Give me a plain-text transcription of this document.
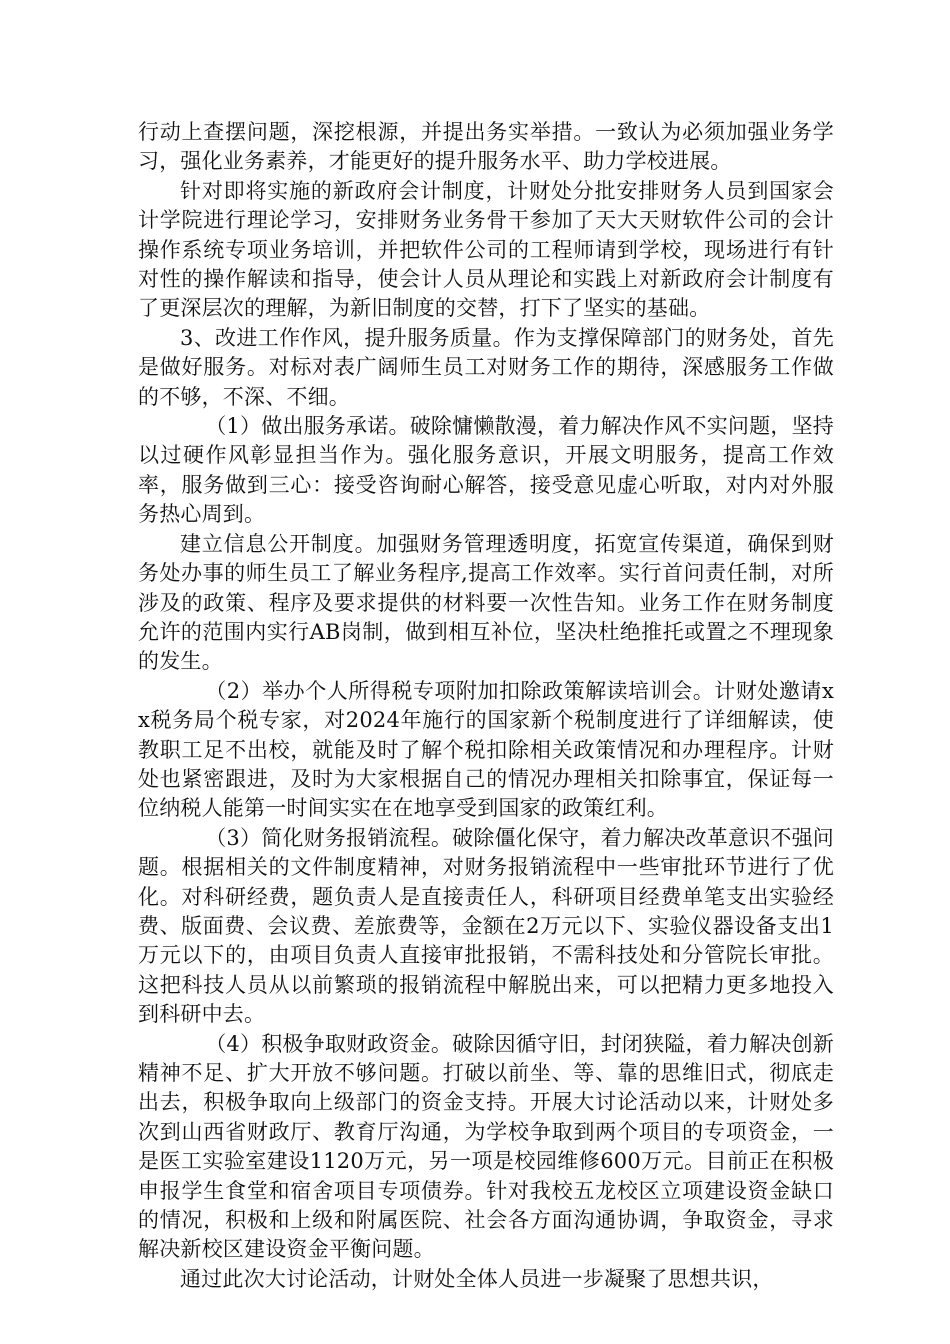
行动上查摆问题，深挖根源，并提出务实举措。一致认为必须加强业务学习，强化业务素养，才能更好的提升服务水平、助力学校进展。

针对即将实施的新政府会计制度，计财处分批安排财务人员到国家会计学院进行理论学习，安排财务业务骨干参加了天大天财软件公司的会计操作系统专项业务培训，并把软件公司的工程师请到学校，现场进行有针对性的操作解读和指导，使会计人员从理论和实践上对新政府会计制度有了更深层次的理解，为新旧制度的交替，打下了坚实的基础。

3、改进工作作风，提升服务质量。作为支撑保障部门的财务处，首先是做好服务。对标对表广阔师生员工对财务工作的期待，深感服务工作做的不够，不深、不细。

（1）做出服务承诺。破除慵懒散漫，着力解决作风不实问题，坚持以过硬作风彰显担当作为。强化服务意识，开展文明服务，提高工作效率，服务做到三心：接受咨询耐心解答，接受意见虚心听取，对内对外服务热心周到。

建立信息公开制度。加强财务管理透明度，拓宽宣传渠道，确保到财务处办事的师生员工了解业务程序,提高工作效率。实行首问责任制，对所涉及的政策、程序及要求提供的材料要一次性告知。业务工作在财务制度允许的范围内实行AB岗制，做到相互补位，坚决杜绝推托或置之不理现象的发生。

（2）举办个人所得税专项附加扣除政策解读培训会。计财处邀请xx税务局个税专家，对2024年施行的国家新个税制度进行了详细解读，使教职工足不出校，就能及时了解个税扣除相关政策情况和办理程序。计财处也紧密跟进，及时为大家根据自己的情况办理相关扣除事宜，保证每一位纳税人能第一时间实实在在地享受到国家的政策红利。

（3）简化财务报销流程。破除僵化保守，着力解决改革意识不强问题。根据相关的文件制度精神，对财务报销流程中一些审批环节进行了优化。对科研经费，题负责人是直接责任人，科研项目经费单笔支出实验经费、版面费、会议费、差旅费等，金额在2万元以下、实验仪器设备支出1万元以下的，由项目负责人直接审批报销，不需科技处和分管院长审批。这把科技人员从以前繁琐的报销流程中解脱出来，可以把精力更多地投入到科研中去。

（4）积极争取财政资金。破除因循守旧，封闭狭隘，着力解决创新精神不足、扩大开放不够问题。打破以前坐、等、靠的思维旧式，彻底走出去，积极争取向上级部门的资金支持。开展大讨论活动以来，计财处多次到山西省财政厅、教育厅沟通，为学校争取到两个项目的专项资金，一是医工实验室建设1120万元，另一项是校园维修600万元。目前正在积极申报学生食堂和宿舍项目专项债券。针对我校五龙校区立项建设资金缺口的情况，积极和上级和附属医院、社会各方面沟通协调，争取资金，寻求解决新校区建设资金平衡问题。

通过此次大讨论活动，计财处全体人员进一步凝聚了思想共识，
